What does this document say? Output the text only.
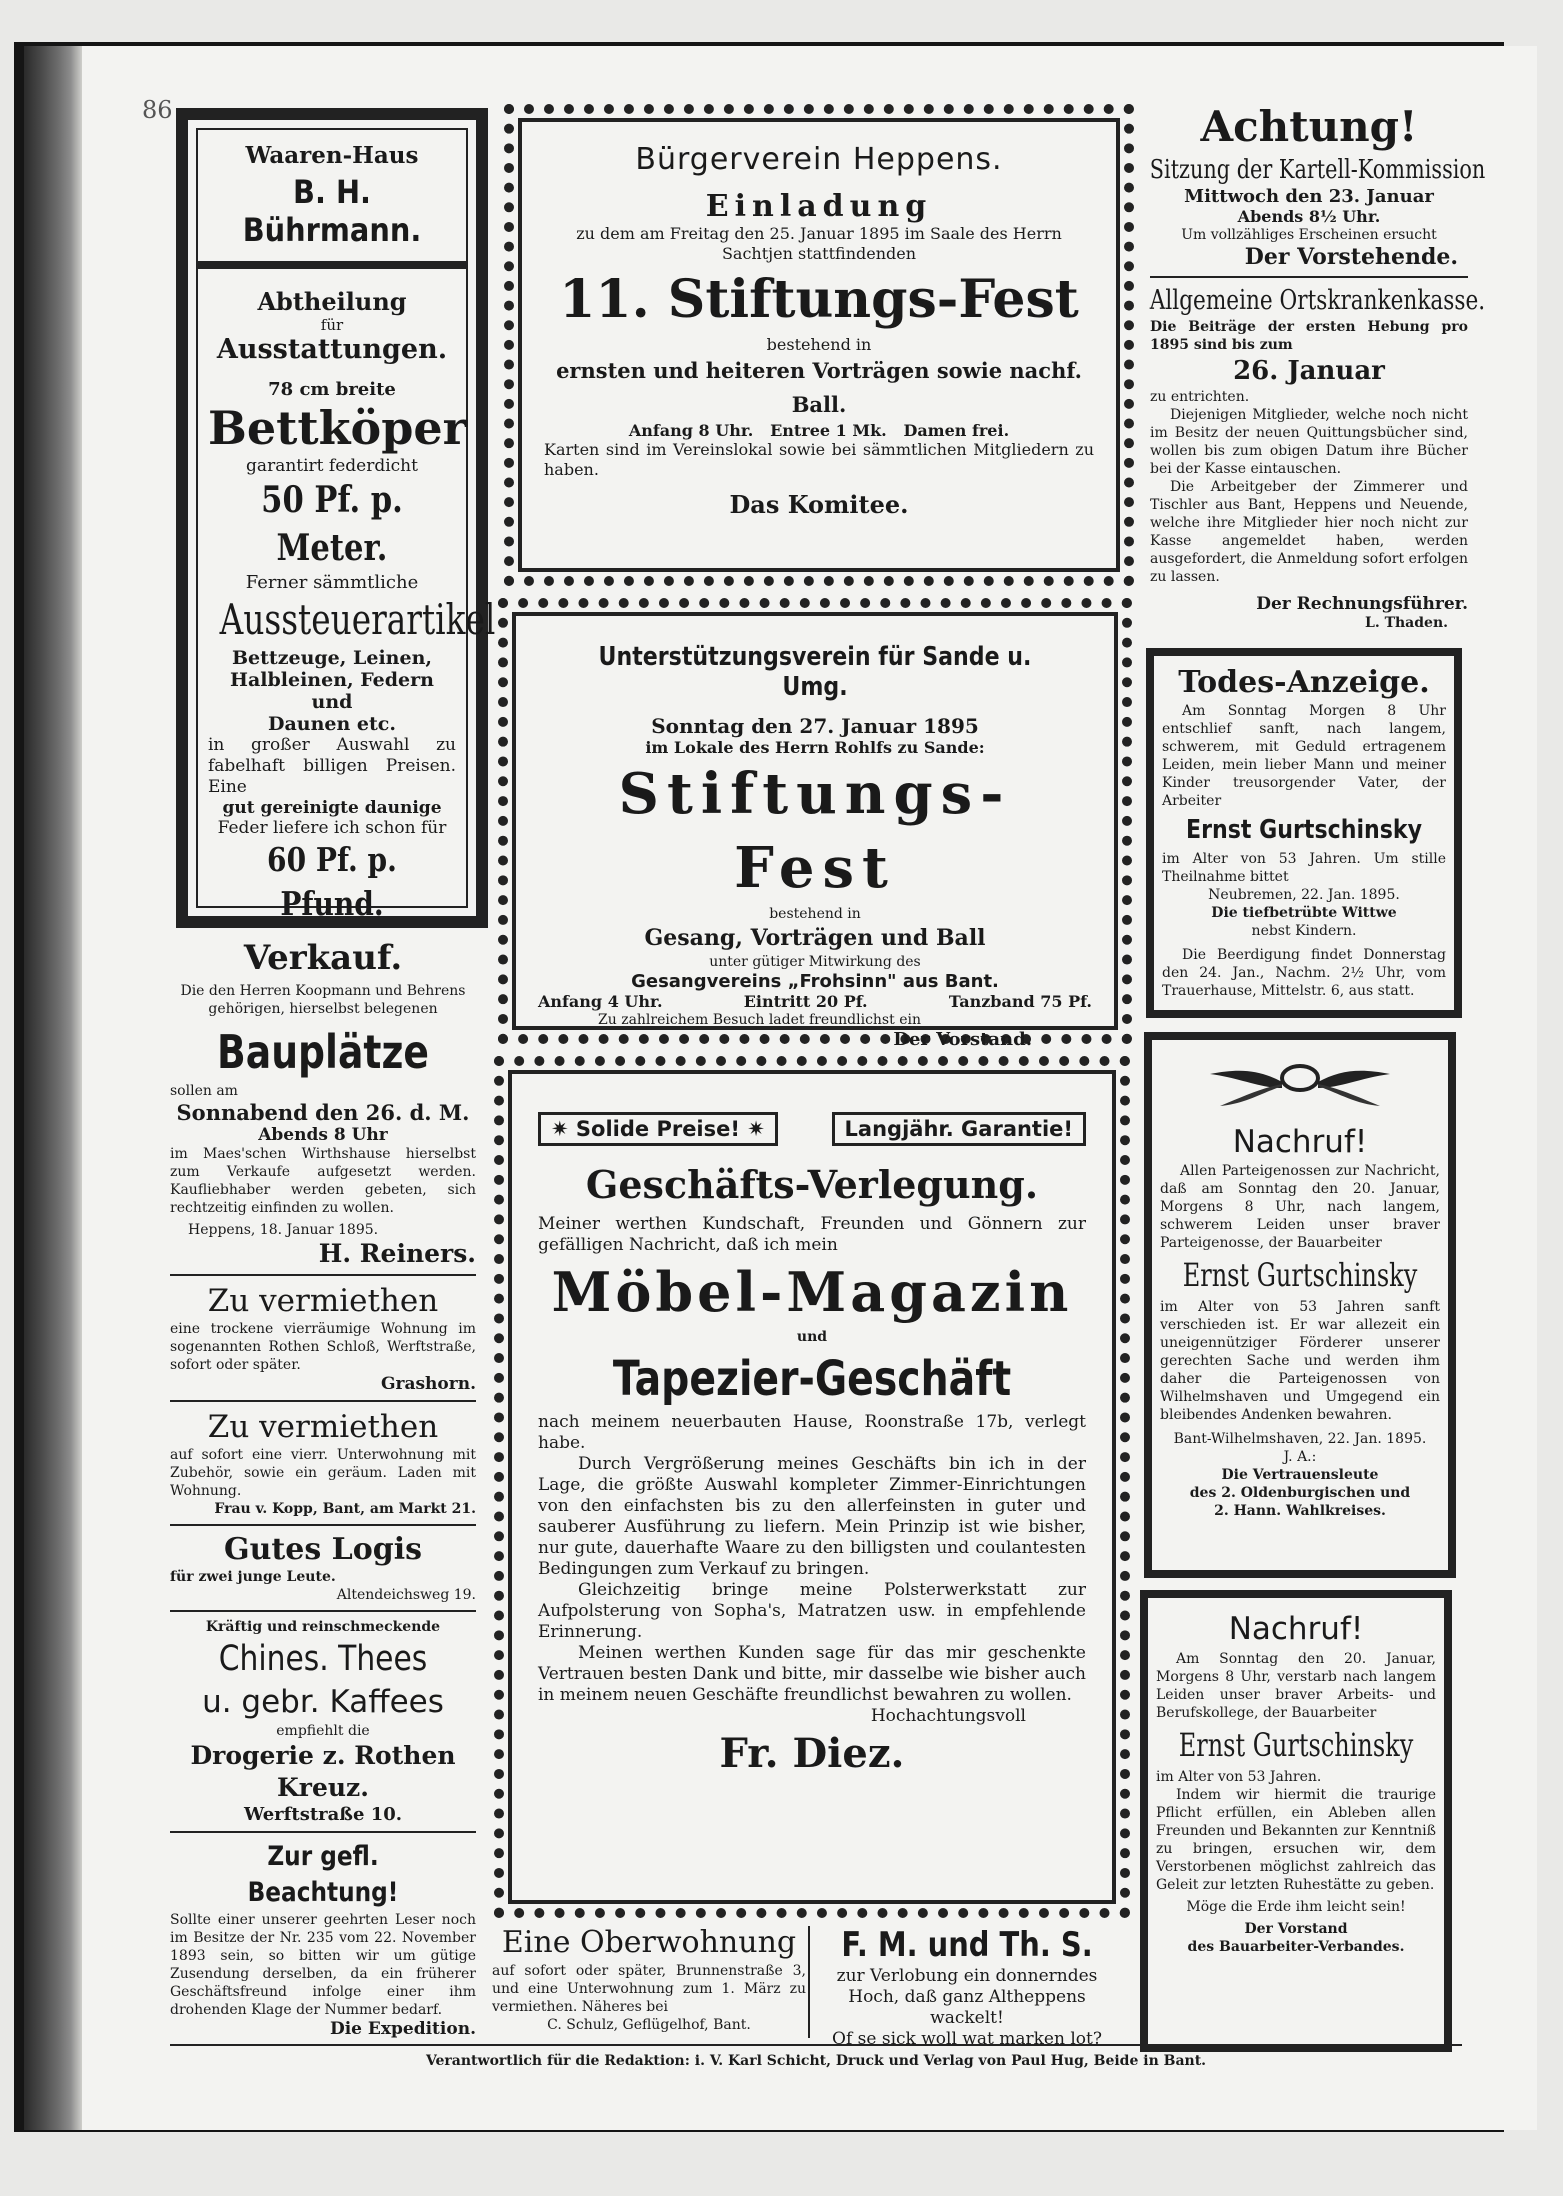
86
Waaren-Haus
B. H. Bührmann.
Abtheilung
für
Ausstattungen.
78 cm breite
Bettköper
garantirt federdicht
50 Pf. p. Meter.
Ferner sämmtliche
Aussteuerartikel
Bettzeuge, Leinen,
Halbleinen, Federn und
Daunen etc.
in großer Auswahl zu fabelhaft billigen Preisen. Eine
gut gereinigte daunige
Feder liefere ich schon für
60 Pf. p. Pfund.
Verkauf.
Die den Herren Koopmann und Behrens gehörigen, hierselbst belegenen
Bauplätze
sollen am
Sonnabend den 26. d. M.
Abends 8 Uhr
im Maes'schen Wirthshause hierselbst zum Verkaufe aufgesetzt werden. Kaufliebhaber werden gebeten, sich rechtzeitig einfinden zu wollen.
Heppens, 18. Januar 1895.
H. Reiners.
Zu vermiethen
eine trockene vierräumige Wohnung im sogenannten Rothen Schloß, Werftstraße, sofort oder später.
Grashorn.
Zu vermiethen
auf sofort eine vierr. Unterwohnung mit Zubehör, sowie ein geräum. Laden mit Wohnung.
Frau v. Kopp, Bant, am Markt 21.
Gutes Logis
für zwei junge Leute.
Altendeichsweg 19.
Kräftig und reinschmeckende
Chines. Thees
u. gebr. Kaffees
empfiehlt die
Drogerie z. Rothen Kreuz.
Werftstraße 10.
Zur gefl. Beachtung!
Sollte einer unserer geehrten Leser noch im Besitze der Nr. 235 vom 22. November 1893 sein, so bitten wir um gütige Zusendung derselben, da ein früherer Geschäftsfreund infolge einer ihm drohenden Klage der Nummer bedarf.
Die Expedition.
Bürgerverein Heppens.
Einladung
zu dem am Freitag den 25. Januar 1895 im Saale des Herrn Sachtjen stattfindenden
11. Stiftungs-Fest
bestehend in
ernsten und heiteren Vorträgen sowie nachf. Ball.
Anfang 8 Uhr.   Entree 1 Mk.   Damen frei.
Karten sind im Vereinslokal sowie bei sämmtlichen Mitgliedern zu haben.
Das Komitee.
Unterstützungsverein für Sande u. Umg.
Sonntag den 27. Januar 1895
im Lokale des Herrn Rohlfs zu Sande:
Stiftungs-Fest
bestehend in
Gesang, Vorträgen und Ball
unter gütiger Mitwirkung des
Gesangvereins „Frohsinn" aus Bant.
Anfang 4 Uhr.	Eintritt 20 Pf.	Tanzband 75 Pf.
Zu zahlreichem Besuch ladet freundlichst ein
Der Vorstand.
✷ Solide Preise! ✷	Langjähr. Garantie!
Geschäfts-Verlegung.
Meiner werthen Kundschaft, Freunden und Gönnern zur gefälligen Nachricht, daß ich mein
Möbel-Magazin
und
Tapezier-Geschäft
nach meinem neuerbauten Hause, Roonstraße 17b, verlegt habe.
Durch Vergrößerung meines Geschäfts bin ich in der Lage, die größte Auswahl kompleter Zimmer-Einrichtungen von den einfachsten bis zu den allerfeinsten in guter und sauberer Ausführung zu liefern. Mein Prinzip ist wie bisher, nur gute, dauerhafte Waare zu den billigsten und coulantesten Bedingungen zum Verkauf zu bringen.
Gleichzeitig bringe meine Polsterwerkstatt zur Aufpolsterung von Sopha's, Matratzen usw. in empfehlende Erinnerung.
Meinen werthen Kunden sage für das mir geschenkte Vertrauen besten Dank und bitte, mir dasselbe wie bisher auch in meinem neuen Geschäfte freundlichst bewahren zu wollen.
Hochachtungsvoll
Fr. Diez.
Eine Oberwohnung
auf sofort oder später, Brunnenstraße 3, und eine Unterwohnung zum 1. März zu vermiethen. Näheres bei
C. Schulz, Geflügelhof, Bant.
F. M. und Th. S.
zur Verlobung ein donnerndes Hoch, daß ganz Altheppens wackelt!
Of se sick woll wat marken lot?
Achtung!
Sitzung der Kartell-Kommission
Mittwoch den 23. Januar
Abends 8½ Uhr.
Um vollzähliges Erscheinen ersucht
Der Vorstehende.
Allgemeine Ortskrankenkasse.
Die Beiträge der ersten Hebung pro 1895 sind bis zum
26. Januar
zu entrichten.
Diejenigen Mitglieder, welche noch nicht im Besitz der neuen Quittungsbücher sind, wollen bis zum obigen Datum ihre Bücher bei der Kasse eintauschen.
Die Arbeitgeber der Zimmerer und Tischler aus Bant, Heppens und Neuende, welche ihre Mitglieder hier noch nicht zur Kasse angemeldet haben, werden ausgefordert, die Anmeldung sofort erfolgen zu lassen.
Der Rechnungsführer.
L. Thaden.
Todes-Anzeige.
Am Sonntag Morgen 8 Uhr entschlief sanft, nach langem, schwerem, mit Geduld ertragenem Leiden, mein lieber Mann und meiner Kinder treusorgender Vater, der Arbeiter
Ernst Gurtschinsky
im Alter von 53 Jahren. Um stille Theilnahme bittet
Neubremen, 22. Jan. 1895.
Die tiefbetrübte Wittwe
nebst Kindern.
Die Beerdigung findet Donnerstag den 24. Jan., Nachm. 2½ Uhr, vom Trauerhause, Mittelstr. 6, aus statt.
Nachruf!
Allen Parteigenossen zur Nachricht, daß am Sonntag den 20. Januar, Morgens 8 Uhr, nach langem, schwerem Leiden unser braver Parteigenosse, der Bauarbeiter
Ernst Gurtschinsky
im Alter von 53 Jahren sanft verschieden ist. Er war allezeit ein uneigennütziger Förderer unserer gerechten Sache und werden ihm daher die Parteigenossen von Wilhelmshaven und Umgegend ein bleibendes Andenken bewahren.
Bant-Wilhelmshaven, 22. Jan. 1895.
J. A.:
Die Vertrauensleute
des 2. Oldenburgischen und
2. Hann. Wahlkreises.
Nachruf!
Am Sonntag den 20. Januar, Morgens 8 Uhr, verstarb nach langem Leiden unser braver Arbeits- und Berufskollege, der Bauarbeiter
Ernst Gurtschinsky
im Alter von 53 Jahren.
Indem wir hiermit die traurige Pflicht erfüllen, ein Ableben allen Freunden und Bekannten zur Kenntniß zu bringen, ersuchen wir, dem Verstorbenen möglichst zahlreich das Geleit zur letzten Ruhestätte zu geben.
Möge die Erde ihm leicht sein!
Der Vorstand
des Bauarbeiter-Verbandes.
Verantwortlich für die Redaktion: i. V. Karl Schicht, Druck und Verlag von Paul Hug, Beide in Bant.
